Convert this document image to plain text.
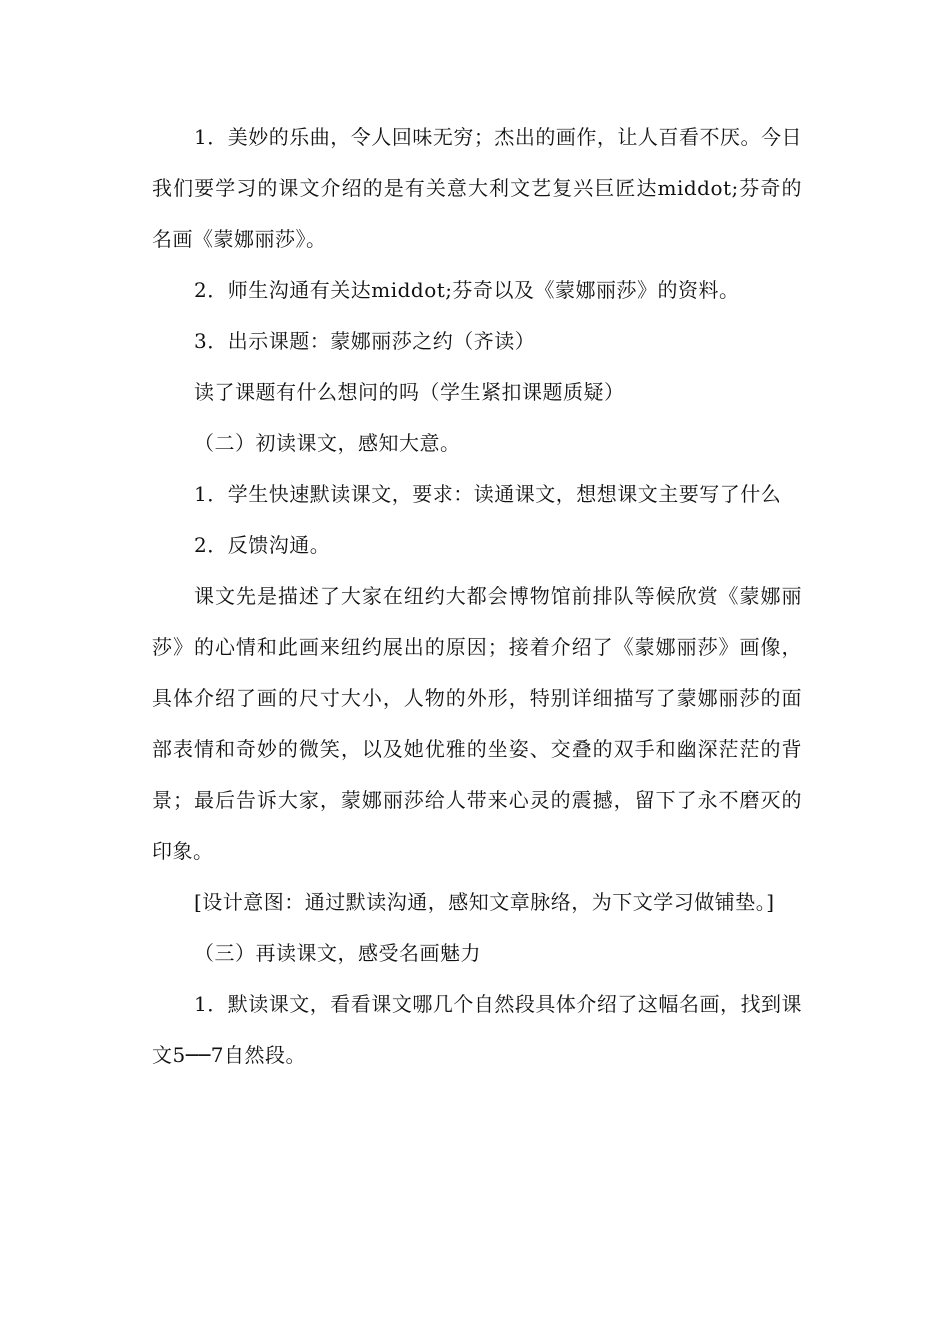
1．美妙的乐曲，令人回味无穷；杰出的画作，让人百看不厌。今日我们要学习的课文介绍的是有关意大利文艺复兴巨匠达middot;芬奇的名画《蒙娜丽莎》。

2．师生沟通有关达middot;芬奇以及《蒙娜丽莎》的资料。

3．出示课题：蒙娜丽莎之约（齐读）

读了课题有什么想问的吗（学生紧扣课题质疑）

（二）初读课文，感知大意。

1．学生快速默读课文，要求：读通课文，想想课文主要写了什么

2．反馈沟通。

课文先是描述了大家在纽约大都会博物馆前排队等候欣赏《蒙娜丽莎》的心情和此画来纽约展出的原因；接着介绍了《蒙娜丽莎》画像，具体介绍了画的尺寸大小，人物的外形，特别详细描写了蒙娜丽莎的面部表情和奇妙的微笑，以及她优雅的坐姿、交叠的双手和幽深茫茫的背景；最后告诉大家，蒙娜丽莎给人带来心灵的震撼，留下了永不磨灭的印象。

[设计意图：通过默读沟通，感知文章脉络，为下文学习做铺垫。]

（三）再读课文，感受名画魅力

1．默读课文，看看课文哪几个自然段具体介绍了这幅名画，找到课文5──7自然段。
